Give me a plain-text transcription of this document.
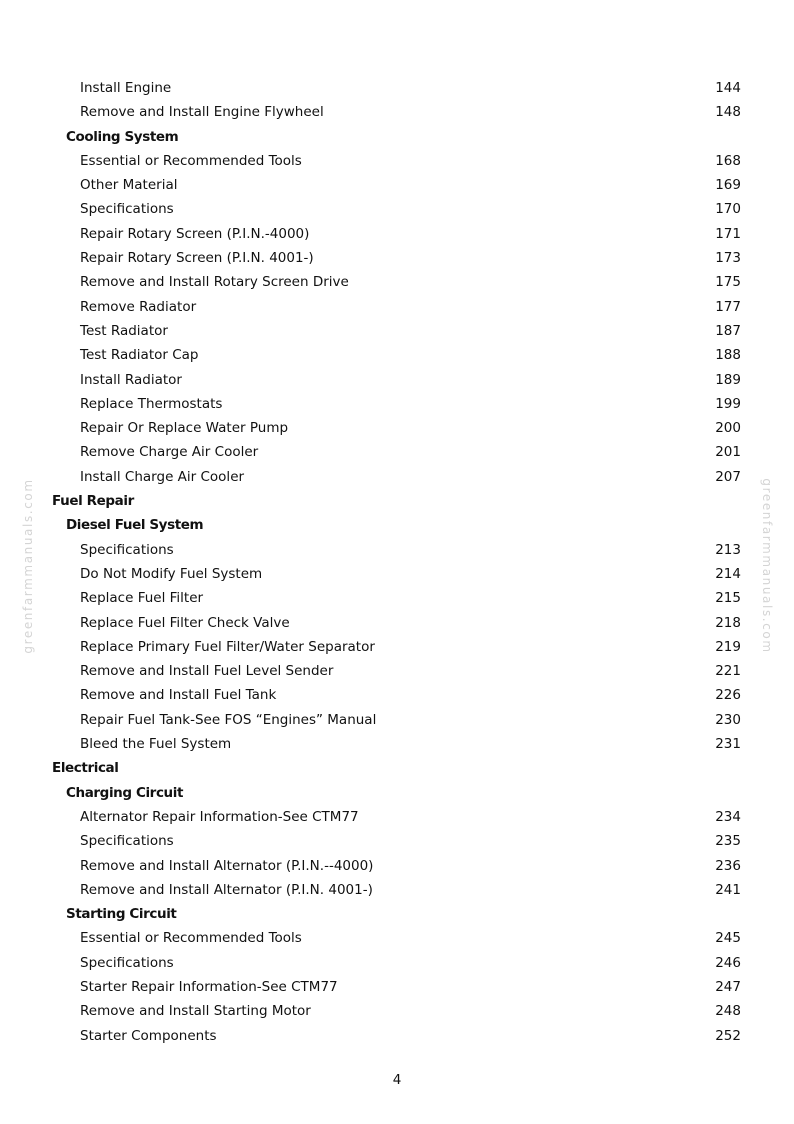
greenfarmmanuals.com	greenfarmmanuals.com
Install Engine	144
Remove and Install Engine Flywheel	148
Cooling System
Essential or Recommended Tools	168
Other Material	169
Specifications	170
Repair Rotary Screen (P.I.N.-4000)	171
Repair Rotary Screen (P.I.N. 4001-)	173
Remove and Install Rotary Screen Drive	175
Remove Radiator	177
Test Radiator	187
Test Radiator Cap	188
Install Radiator	189
Replace Thermostats	199
Repair Or Replace Water Pump	200
Remove Charge Air Cooler	201
Install Charge Air Cooler	207
Fuel Repair
Diesel Fuel System
Specifications	213
Do Not Modify Fuel System	214
Replace Fuel Filter	215
Replace Fuel Filter Check Valve	218
Replace Primary Fuel Filter/Water Separator	219
Remove and Install Fuel Level Sender	221
Remove and Install Fuel Tank	226
Repair Fuel Tank-See FOS “Engines” Manual	230
Bleed the Fuel System	231
Electrical
Charging Circuit
Alternator Repair Information-See CTM77	234
Specifications	235
Remove and Install Alternator (P.I.N.--4000)	236
Remove and Install Alternator (P.I.N. 4001-)	241
Starting Circuit
Essential or Recommended Tools	245
Specifications	246
Starter Repair Information-See CTM77	247
Remove and Install Starting Motor	248
Starter Components	252
4
